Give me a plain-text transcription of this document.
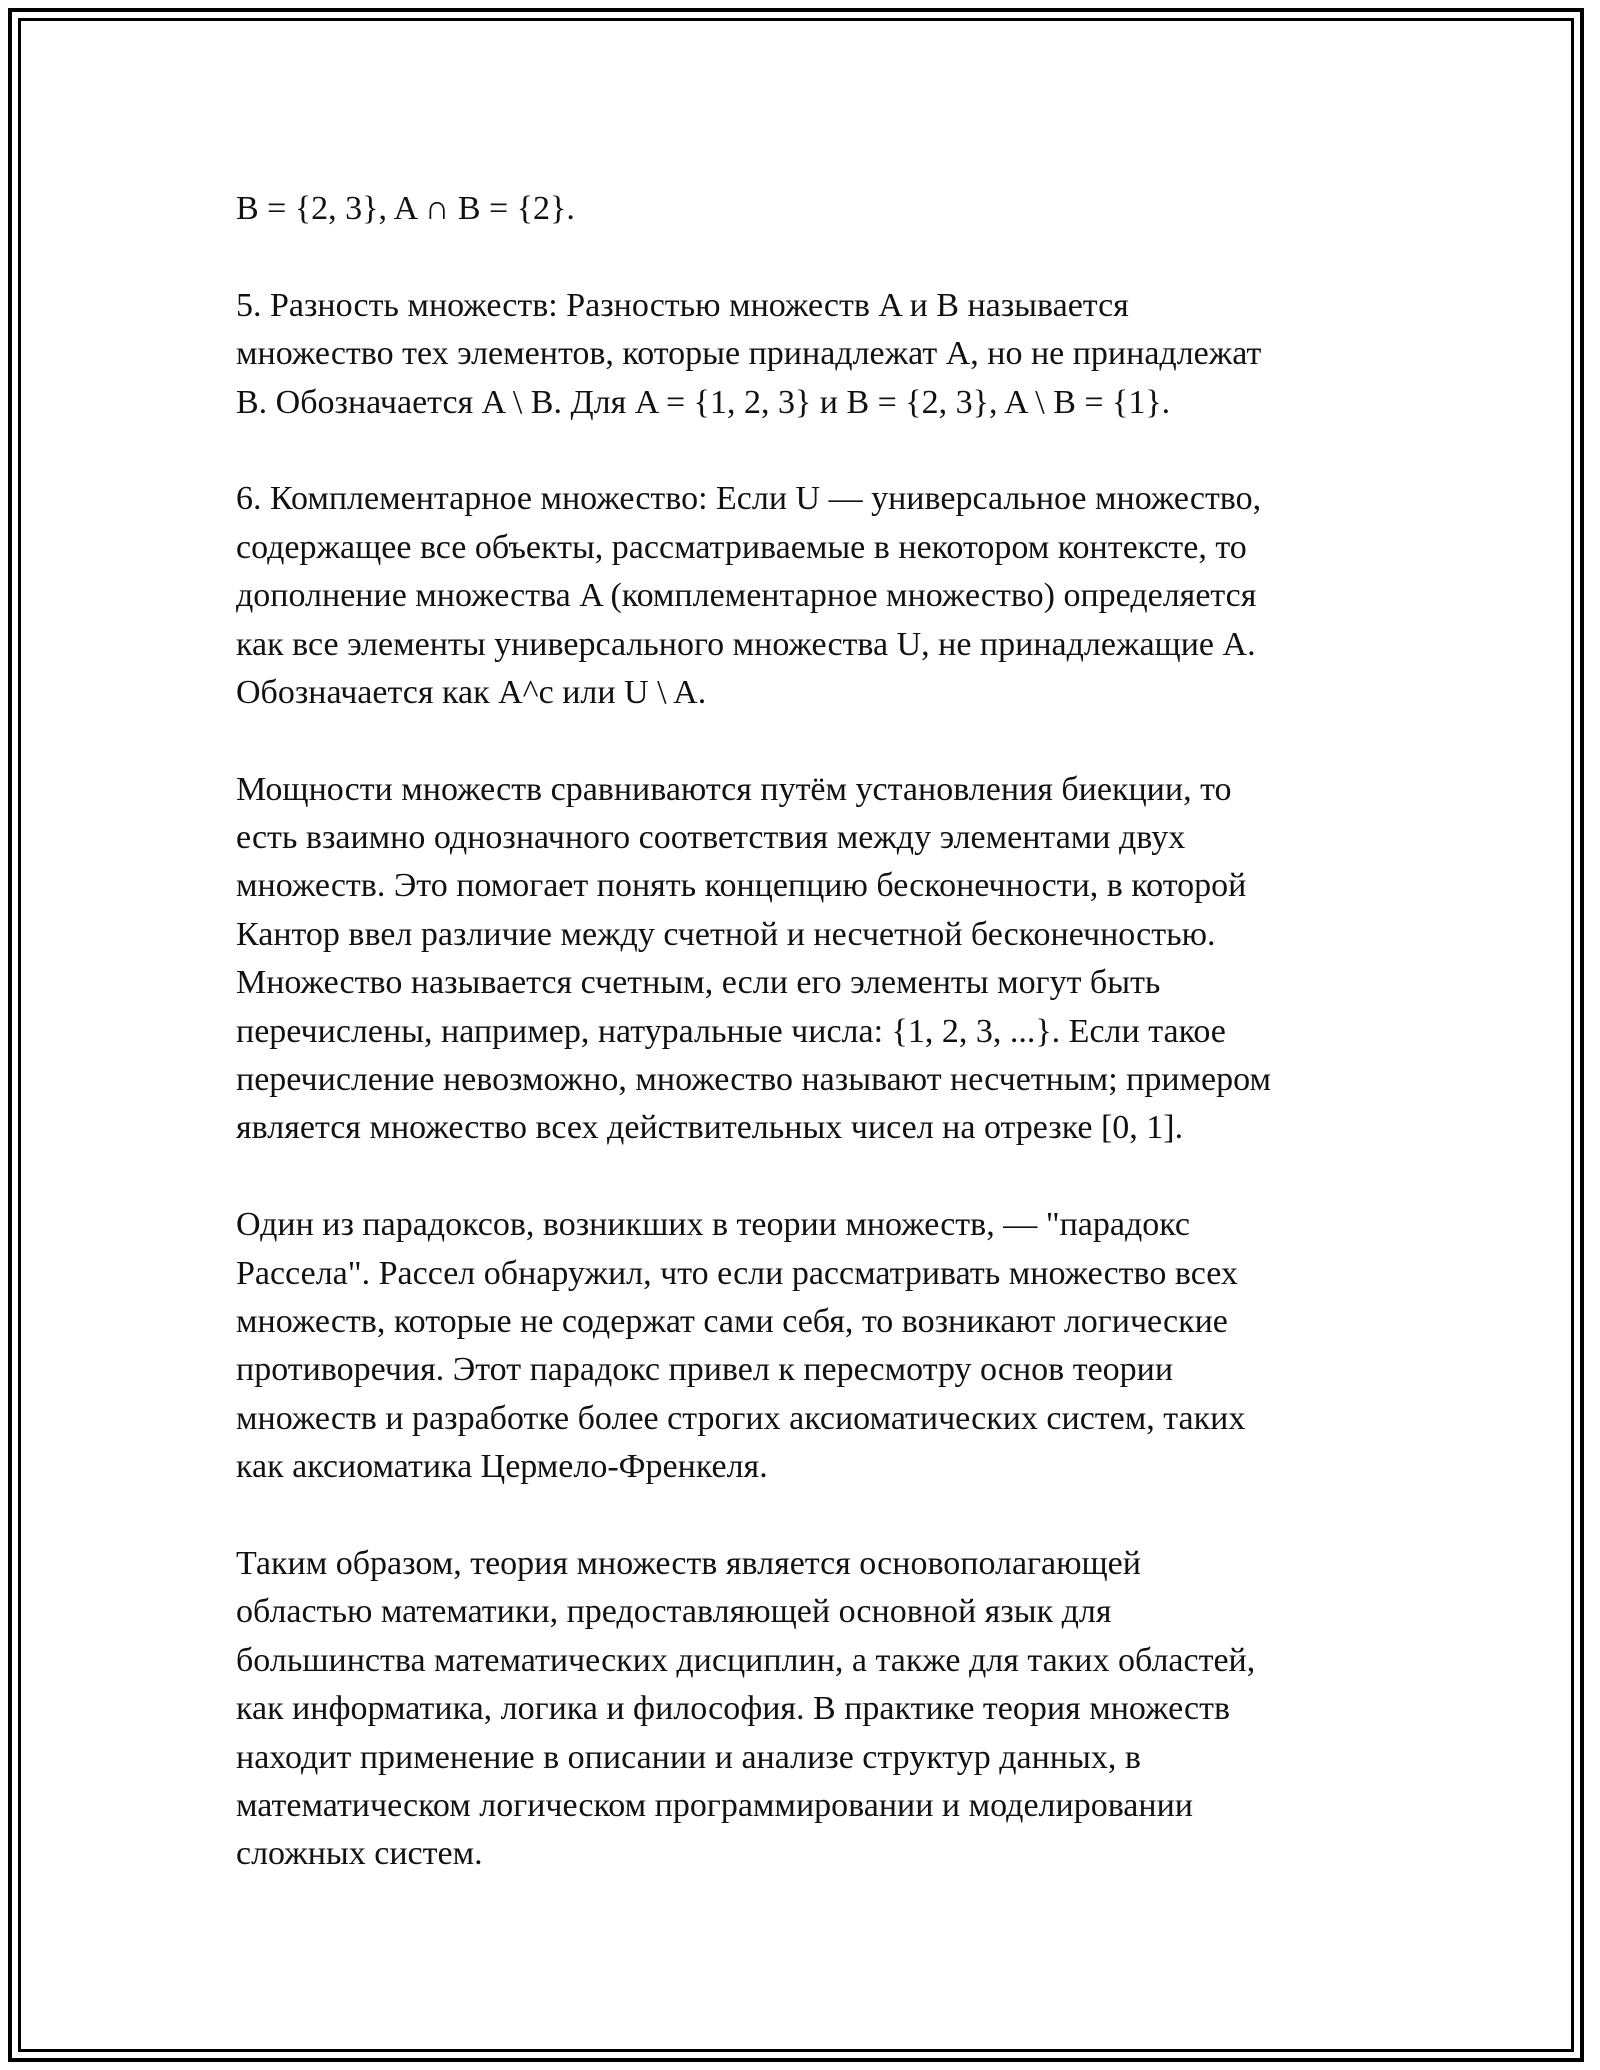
B = {2, 3}, A ∩ B = {2}.

5. Разность множеств: Разностью множеств A и B называется
множество тех элементов, которые принадлежат A, но не принадлежат
B. Обозначается A \ B. Для A = {1, 2, 3} и B = {2, 3}, A \ B = {1}.

6. Комплементарное множество: Если U — универсальное множество,
содержащее все объекты, рассматриваемые в некотором контексте, то
дополнение множества A (комплементарное множество) определяется
как все элементы универсального множества U, не принадлежащие A.
Обозначается как A^c или U \ A.

Мощности множеств сравниваются путём установления биекции, то
есть взаимно однозначного соответствия между элементами двух
множеств. Это помогает понять концепцию бесконечности, в которой
Кантор ввел различие между счетной и несчетной бесконечностью.
Множество называется счетным, если его элементы могут быть
перечислены, например, натуральные числа: {1, 2, 3, ...}. Если такое
перечисление невозможно, множество называют несчетным; примером
является множество всех действительных чисел на отрезке [0, 1].

Один из парадоксов, возникших в теории множеств, — "парадокс
Рассела". Рассел обнаружил, что если рассматривать множество всех
множеств, которые не содержат сами себя, то возникают логические
противоречия. Этот парадокс привел к пересмотру основ теории
множеств и разработке более строгих аксиоматических систем, таких
как аксиоматика Цермело-Френкеля.

Таким образом, теория множеств является основополагающей
областью математики, предоставляющей основной язык для
большинства математических дисциплин, а также для таких областей,
как информатика, логика и философия. В практике теория множеств
находит применение в описании и анализе структур данных, в
математическом логическом программировании и моделировании
сложных систем.
